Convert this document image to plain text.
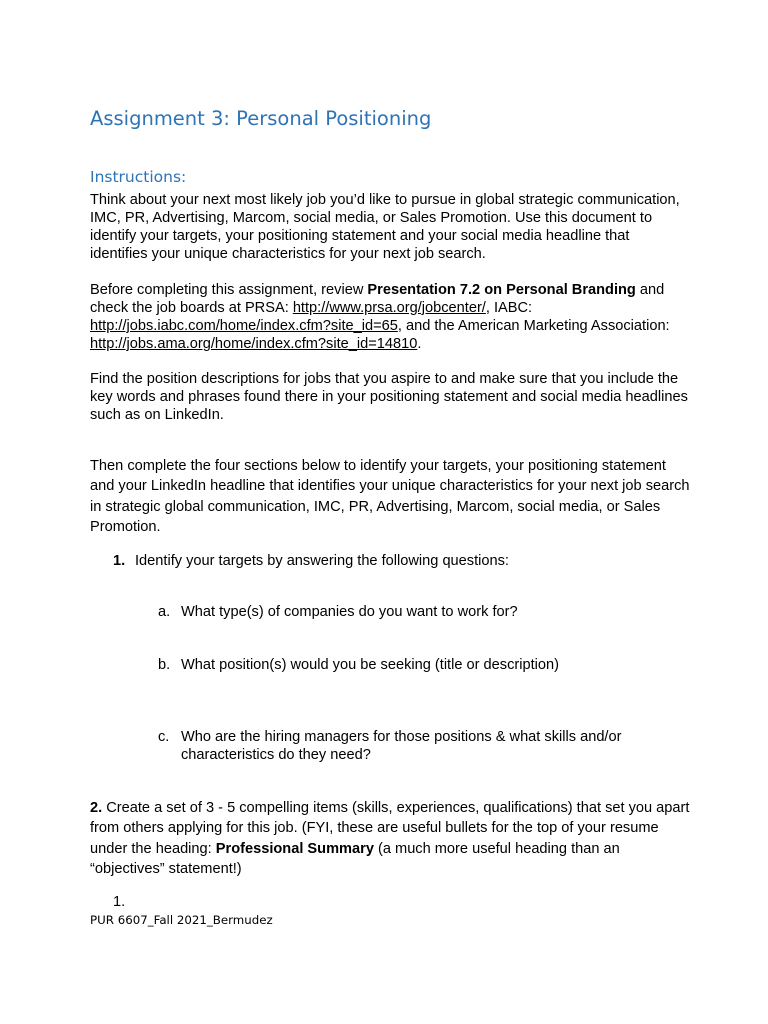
Assignment 3: Personal Positioning
Instructions:
Think about your next most likely job you’d like to pursue in global strategic communication, IMC, PR, Advertising, Marcom, social media, or Sales Promotion. Use this document to identify your targets, your positioning statement and your social media headline that identifies your unique characteristics for your next job search.
Before completing this assignment, review Presentation 7.2 on Personal Branding and check the job boards at PRSA: http://www.prsa.org/jobcenter/, IABC: http://jobs.iabc.com/home/index.cfm?site_id=65, and the American Marketing Association: http://jobs.ama.org/home/index.cfm?site_id=14810.
Find the position descriptions for jobs that you aspire to and make sure that you include the key words and phrases found there in your positioning statement and social media headlines such as on LinkedIn.
Then complete the four sections below to identify your targets, your positioning statement and your LinkedIn headline that identifies your unique characteristics for your next job search in strategic global communication, IMC, PR, Advertising, Marcom, social media, or Sales Promotion.
1. Identify your targets by answering the following questions:
a. What type(s) of companies do you want to work for?
b. What position(s) would you be seeking (title or description)
c. Who are the hiring managers for those positions & what skills and/or characteristics do they need?
2. Create a set of 3 - 5 compelling items (skills, experiences, qualifications) that set you apart from others applying for this job. (FYI, these are useful bullets for the top of your resume under the heading: Professional Summary (a much more useful heading than an “objectives” statement!)
1.
PUR 6607_Fall 2021_Bermudez
